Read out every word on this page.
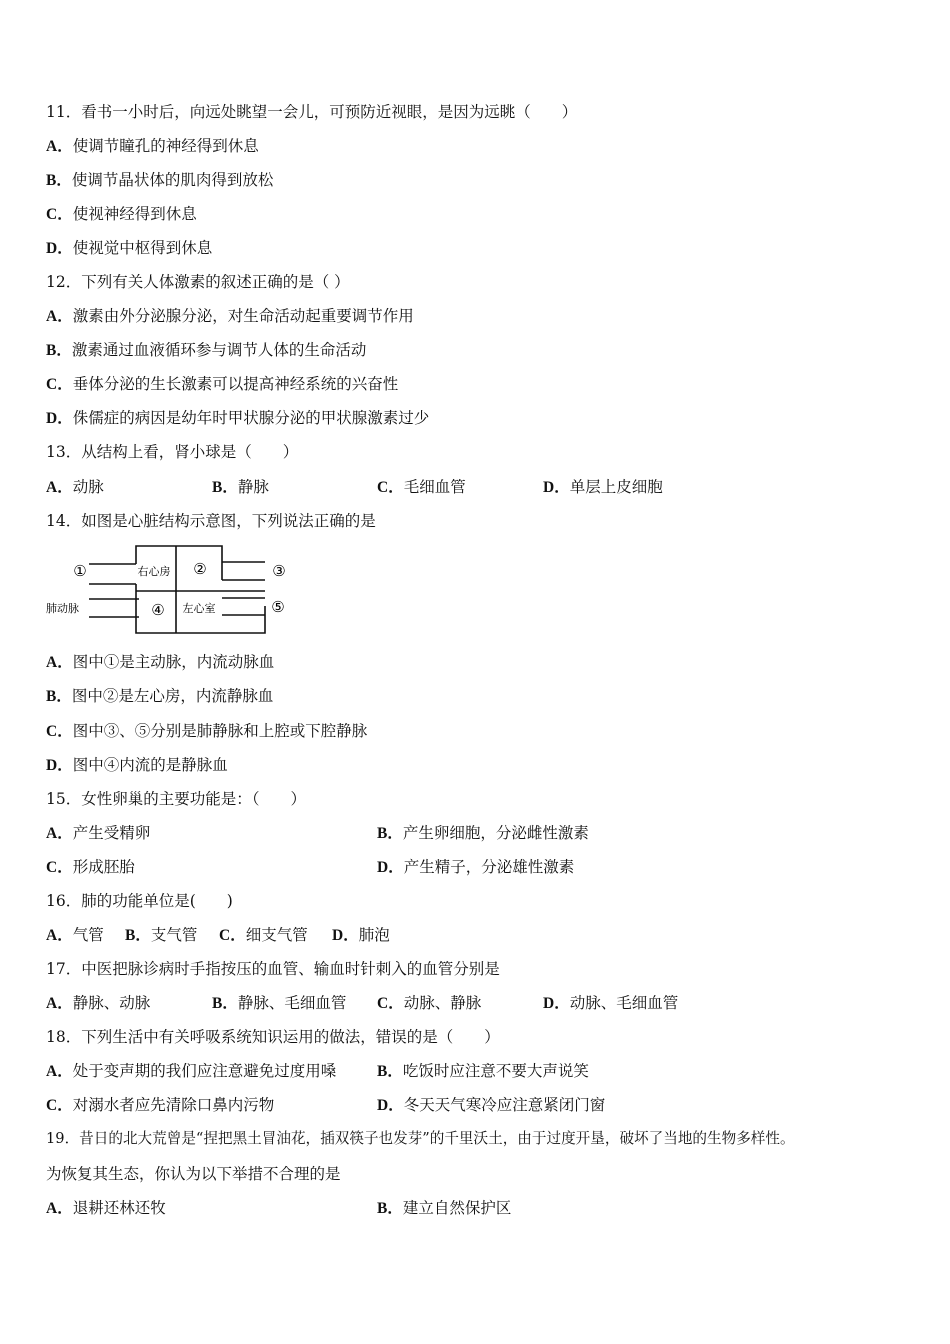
11．看书一小时后，向远处眺望一会儿，可预防近视眼，是因为远眺（　　）
A．使调节瞳孔的神经得到休息
B．使调节晶状体的肌肉得到放松
C．使视神经得到休息
D．使视觉中枢得到休息
12．下列有关人体激素的叙述正确的是（ ）
A．激素由外分泌腺分泌，对生命活动起重要调节作用
B．激素通过血液循环参与调节人体的生命活动
C．垂体分泌的生长激素可以提高神经系统的兴奋性
D．侏儒症的病因是幼年时甲状腺分泌的甲状腺激素过少
13．从结构上看，肾小球是（　　）
A．动脉	B．静脉	C．毛细血管	D．单层上皮细胞
14．如图是心脏结构示意图，下列说法正确的是
①	②	③
④	⑤
右心房
左心室
肺动脉
A．图中①是主动脉，内流动脉血
B．图中②是左心房，内流静脉血
C．图中③、⑤分别是肺静脉和上腔或下腔静脉
D．图中④内流的是静脉血
15．女性卵巢的主要功能是：（　　）
A．产生受精卵	B．产生卵细胞，分泌雌性激素
C．形成胚胎	D．产生精子，分泌雄性激素
16．肺的功能单位是(　　)
A．气管 B．支气管 C．细支气管 D．肺泡
17．中医把脉诊病时手指按压的血管、输血时针刺入的血管分别是
A．静脉、动脉	B．静脉、毛细血管 C．动脉、静脉	D．动脉、毛细血管
18．下列生活中有关呼吸系统知识运用的做法，错误的是（　　）
A．处于变声期的我们应注意避免过度用嗓	B．吃饭时应注意不要大声说笑
C．对溺水者应先清除口鼻内污物	D．冬天天气寒冷应注意紧闭门窗
19．昔日的北大荒曾是“捏把黑土冒油花，插双筷子也发芽”的千里沃土，由于过度开垦，破坏了当地的生物多样性。
为恢复其生态，你认为以下举措不合理的是
A．退耕还林还牧	B．建立自然保护区
